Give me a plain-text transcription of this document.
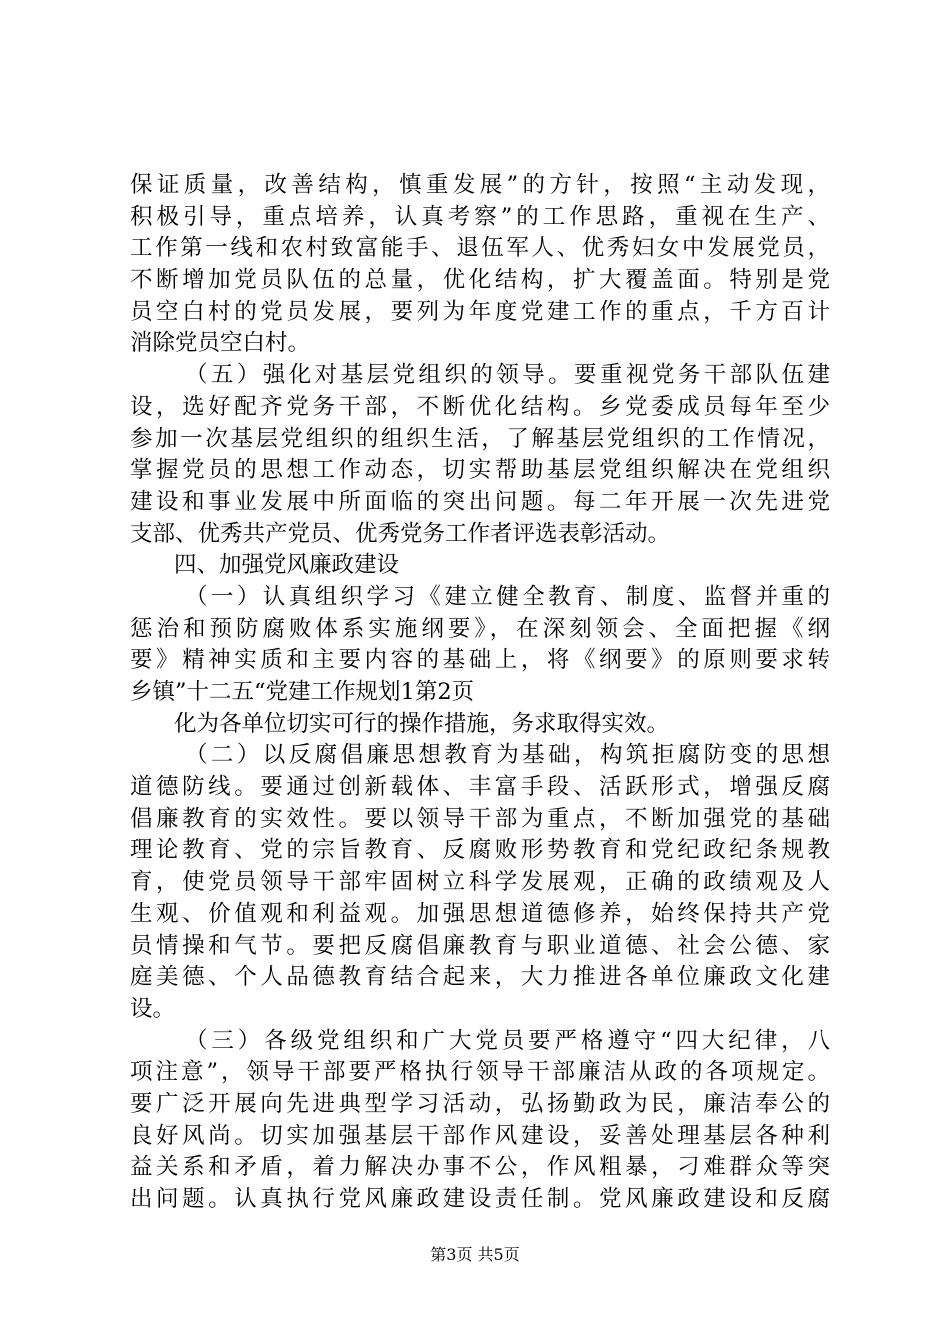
保证质量，改善结构，慎重发展”的方针，按照“主动发现，
积极引导，重点培养，认真考察”的工作思路，重视在生产、
工作第一线和农村致富能手、退伍军人、优秀妇女中发展党员，
不断增加党员队伍的总量，优化结构，扩大覆盖面。特别是党
员空白村的党员发展，要列为年度党建工作的重点，千方百计
消除党员空白村。
（五）强化对基层党组织的领导。要重视党务干部队伍建
设，选好配齐党务干部，不断优化结构。乡党委成员每年至少
参加一次基层党组织的组织生活，了解基层党组织的工作情况，
掌握党员的思想工作动态，切实帮助基层党组织解决在党组织
建设和事业发展中所面临的突出问题。每二年开展一次先进党
支部、优秀共产党员、优秀党务工作者评选表彰活动。
四、加强党风廉政建设
（一）认真组织学习《建立健全教育、制度、监督并重的
惩治和预防腐败体系实施纲要》，在深刻领会、全面把握《纲
要》精神实质和主要内容的基础上，将《纲要》的原则要求转
乡镇”十二五“党建工作规划1第2页
化为各单位切实可行的操作措施，务求取得实效。
（二）以反腐倡廉思想教育为基础，构筑拒腐防变的思想
道德防线。要通过创新载体、丰富手段、活跃形式，增强反腐
倡廉教育的实效性。要以领导干部为重点，不断加强党的基础
理论教育、党的宗旨教育、反腐败形势教育和党纪政纪条规教
育，使党员领导干部牢固树立科学发展观，正确的政绩观及人
生观、价值观和利益观。加强思想道德修养，始终保持共产党
员情操和气节。要把反腐倡廉教育与职业道德、社会公德、家
庭美德、个人品德教育结合起来，大力推进各单位廉政文化建
设。
（三）各级党组织和广大党员要严格遵守“四大纪律，八
项注意”，领导干部要严格执行领导干部廉洁从政的各项规定。
要广泛开展向先进典型学习活动，弘扬勤政为民，廉洁奉公的
良好风尚。切实加强基层干部作风建设，妥善处理基层各种利
益关系和矛盾，着力解决办事不公，作风粗暴，刁难群众等突
出问题。认真执行党风廉政建设责任制。党风廉政建设和反腐
第3页 共5页
